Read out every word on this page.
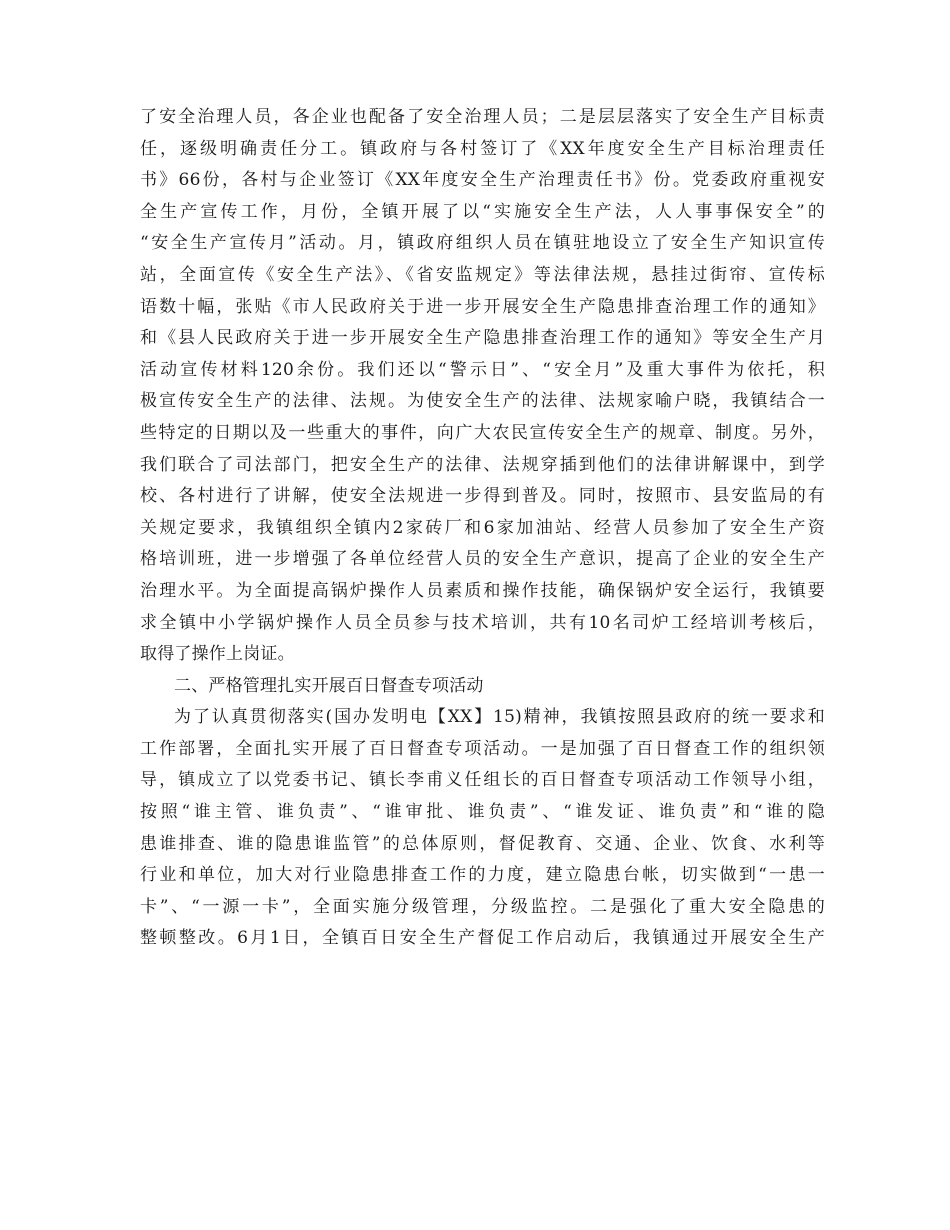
了安全治理人员，各企业也配备了安全治理人员；二是层层落实了安全生产目标责
任，逐级明确责任分工。镇政府与各村签订了《XX年度安全生产目标治理责任
书》66份，各村与企业签订《XX年度安全生产治理责任书》份。党委政府重视安
全生产宣传工作，月份，全镇开展了以“实施安全生产法，人人事事保安全”的
“安全生产宣传月”活动。月，镇政府组织人员在镇驻地设立了安全生产知识宣传
站，全面宣传《安全生产法》、《省安监规定》等法律法规，悬挂过街帘、宣传标
语数十幅，张贴《市人民政府关于进一步开展安全生产隐患排查治理工作的通知》
和《县人民政府关于进一步开展安全生产隐患排查治理工作的通知》等安全生产月
活动宣传材料120余份。我们还以“警示日”、“安全月”及重大事件为依托，积
极宣传安全生产的法律、法规。为使安全生产的法律、法规家喻户晓，我镇结合一
些特定的日期以及一些重大的事件，向广大农民宣传安全生产的规章、制度。另外，
我们联合了司法部门，把安全生产的法律、法规穿插到他们的法律讲解课中，到学
校、各村进行了讲解，使安全法规进一步得到普及。同时，按照市、县安监局的有
关规定要求，我镇组织全镇内2家砖厂和6家加油站、经营人员参加了安全生产资
格培训班，进一步增强了各单位经营人员的安全生产意识，提高了企业的安全生产
治理水平。为全面提高锅炉操作人员素质和操作技能，确保锅炉安全运行，我镇要
求全镇中小学锅炉操作人员全员参与技术培训，共有10名司炉工经培训考核后，
取得了操作上岗证。
二、严格管理扎实开展百日督查专项活动
为了认真贯彻落实(国办发明电【XX】15)精神，我镇按照县政府的统一要求和
工作部署，全面扎实开展了百日督查专项活动。一是加强了百日督查工作的组织领
导，镇成立了以党委书记、镇长李甫义任组长的百日督查专项活动工作领导小组，
按照“谁主管、谁负责”、“谁审批、谁负责”、“谁发证、谁负责”和“谁的隐
患谁排查、谁的隐患谁监管”的总体原则，督促教育、交通、企业、饮食、水利等
行业和单位，加大对行业隐患排查工作的力度，建立隐患台帐，切实做到“一患一
卡”、“一源一卡”，全面实施分级管理，分级监控。二是强化了重大安全隐患的
整顿整改。6月1日，全镇百日安全生产督促工作启动后，我镇通过开展安全生产
